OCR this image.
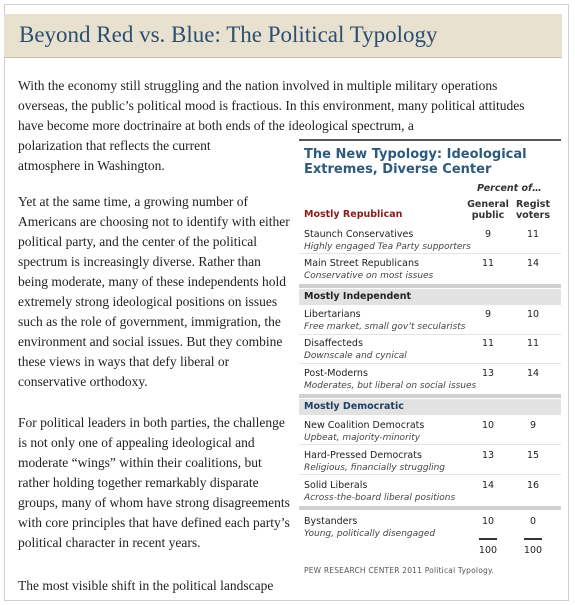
Beyond Red vs. Blue: The Political Typology

With the economy still struggling and the nation involved in multiple military operations overseas, the public’s political mood is fractious. In this environment, many political attitudes have become more doctrinaire at both ends of the ideological spectrum, a

polarization that reflects the current atmosphere in Washington.

Yet at the same time, a growing number of Americans are choosing not to identify with either political party, and the center of the political spectrum is increasingly diverse. Rather than being moderate, many of these independents hold extremely strong ideological positions on issues such as the role of government, immigration, the environment and social issues. But they combine these views in ways that defy liberal or conservative orthodoxy.

For political leaders in both parties, the challenge is not only one of appealing ideological and moderate “wings” within their coalitions, but rather holding together remarkably disparate groups, many of whom have strong disagreements with core principles that have defined each party’s political character in recent years.

The most visible shift in the political landscape

The New Typology: Ideological Extremes, Diverse Center
Percent of…
General public
Regist voters
Mostly Republican
Staunch Conservatives
Highly engaged Tea Party supporters
9	11
Main Street Republicans
Conservative on most issues
11	14
Mostly Independent
Libertarians
Free market, small gov’t secularists
9	10
Disaffecteds
Downscale and cynical
11	11
Post-Moderns
Moderates, but liberal on social issues
13	14
Mostly Democratic
New Coalition Democrats
Upbeat, majority-minority
10	9
Hard-Pressed Democrats
Religious, financially struggling
13	15
Solid Liberals
Across-the-board liberal positions
14	16
Bystanders
Young, politically disengaged
10	0
100	100
PEW RESEARCH CENTER 2011 Political Typology.
